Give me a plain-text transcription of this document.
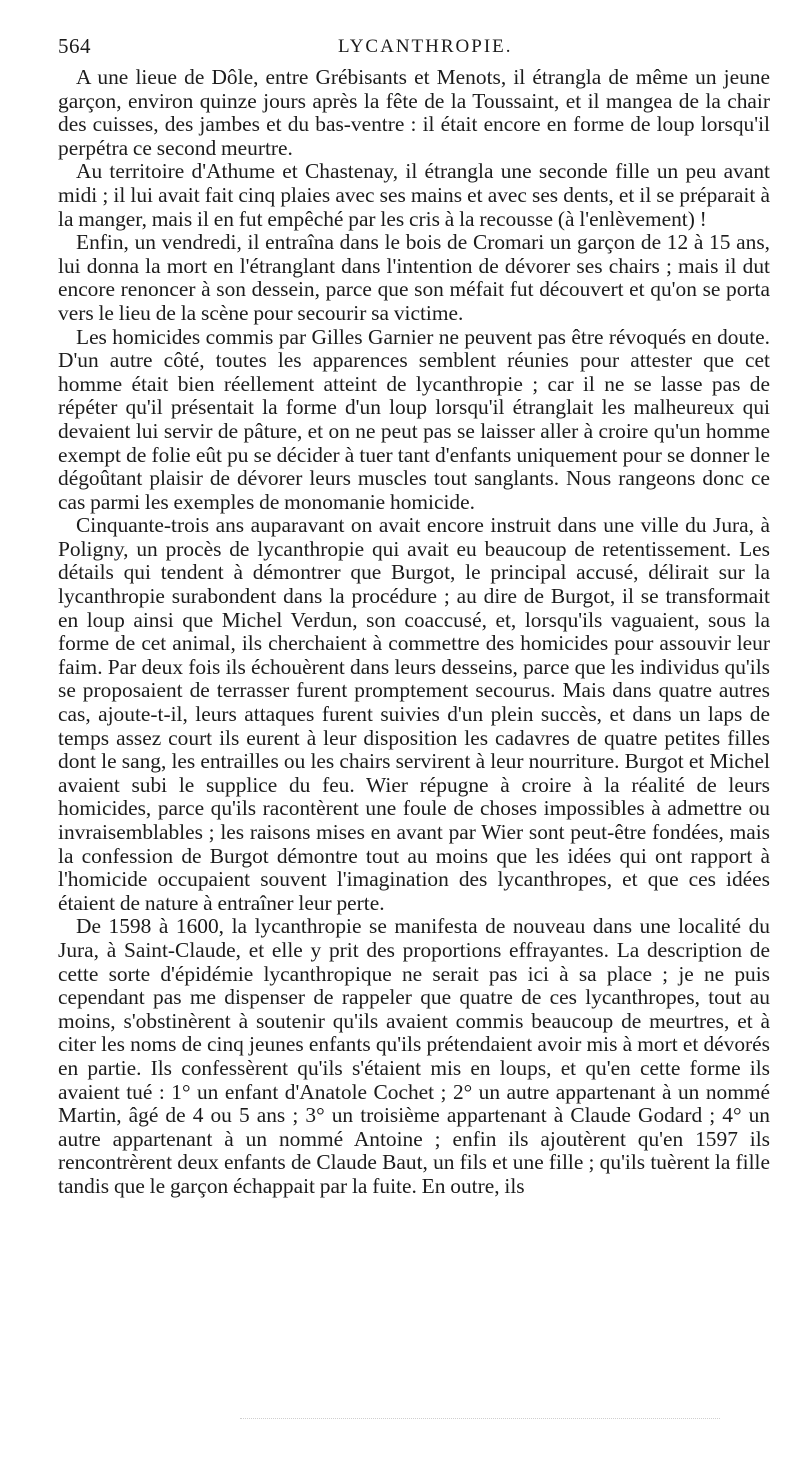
564	LYCANTHROPIE.

A une lieue de Dôle, entre Grébisants et Menots, il étrangla de même un jeune garçon, environ quinze jours après la fête de la Toussaint, et il mangea de la chair des cuisses, des jambes et du bas-ventre : il était encore en forme de loup lorsqu'il perpétra ce second meurtre.

Au territoire d'Athume et Chastenay, il étrangla une seconde fille un peu avant midi ; il lui avait fait cinq plaies avec ses mains et avec ses dents, et il se préparait à la manger, mais il en fut empêché par les cris à la recousse (à l'enlèvement) !

Enfin, un vendredi, il entraîna dans le bois de Cromari un garçon de 12 à 15 ans, lui donna la mort en l'étranglant dans l'intention de dévorer ses chairs ; mais il dut encore renoncer à son dessein, parce que son méfait fut découvert et qu'on se porta vers le lieu de la scène pour secourir sa victime.

Les homicides commis par Gilles Garnier ne peuvent pas être révoqués en doute. D'un autre côté, toutes les apparences semblent réunies pour attester que cet homme était bien réellement atteint de lycanthropie ; car il ne se lasse pas de répéter qu'il présentait la forme d'un loup lorsqu'il étranglait les malheureux qui devaient lui servir de pâture, et on ne peut pas se laisser aller à croire qu'un homme exempt de folie eût pu se décider à tuer tant d'enfants uniquement pour se donner le dégoûtant plaisir de dévorer leurs muscles tout sanglants. Nous rangeons donc ce cas parmi les exemples de monomanie homicide.

Cinquante-trois ans auparavant on avait encore instruit dans une ville du Jura, à Poligny, un procès de lycanthropie qui avait eu beaucoup de retentissement. Les détails qui tendent à démontrer que Burgot, le principal accusé, délirait sur la lycanthropie surabondent dans la procédure ; au dire de Burgot, il se transformait en loup ainsi que Michel Verdun, son coaccusé, et, lorsqu'ils vaguaient, sous la forme de cet animal, ils cherchaient à commettre des homicides pour assouvir leur faim. Par deux fois ils échouèrent dans leurs desseins, parce que les individus qu'ils se proposaient de terrasser furent promptement secourus. Mais dans quatre autres cas, ajoute-t-il, leurs attaques furent suivies d'un plein succès, et dans un laps de temps assez court ils eurent à leur disposition les cadavres de quatre petites filles dont le sang, les entrailles ou les chairs servirent à leur nourriture. Burgot et Michel avaient subi le supplice du feu. Wier répugne à croire à la réalité de leurs homicides, parce qu'ils racontèrent une foule de choses impossibles à admettre ou invraisemblables ; les raisons mises en avant par Wier sont peut-être fondées, mais la confession de Burgot démontre tout au moins que les idées qui ont rapport à l'homicide occupaient souvent l'imagination des lycanthropes, et que ces idées étaient de nature à entraîner leur perte.

De 1598 à 1600, la lycanthropie se manifesta de nouveau dans une localité du Jura, à Saint-Claude, et elle y prit des proportions effrayantes. La description de cette sorte d'épidémie lycanthropique ne serait pas ici à sa place ; je ne puis cependant pas me dispenser de rappeler que quatre de ces lycanthropes, tout au moins, s'obstinèrent à soutenir qu'ils avaient commis beaucoup de meurtres, et à citer les noms de cinq jeunes enfants qu'ils prétendaient avoir mis à mort et dévorés en partie. Ils confessèrent qu'ils s'étaient mis en loups, et qu'en cette forme ils avaient tué : 1° un enfant d'Anatole Cochet ; 2° un autre appartenant à un nommé Martin, âgé de 4 ou 5 ans ; 3° un troisième appartenant à Claude Godard ; 4° un autre appartenant à un nommé Antoine ; enfin ils ajoutèrent qu'en 1597 ils rencontrèrent deux enfants de Claude Baut, un fils et une fille ; qu'ils tuèrent la fille tandis que le garçon échappait par la fuite. En outre, ils
